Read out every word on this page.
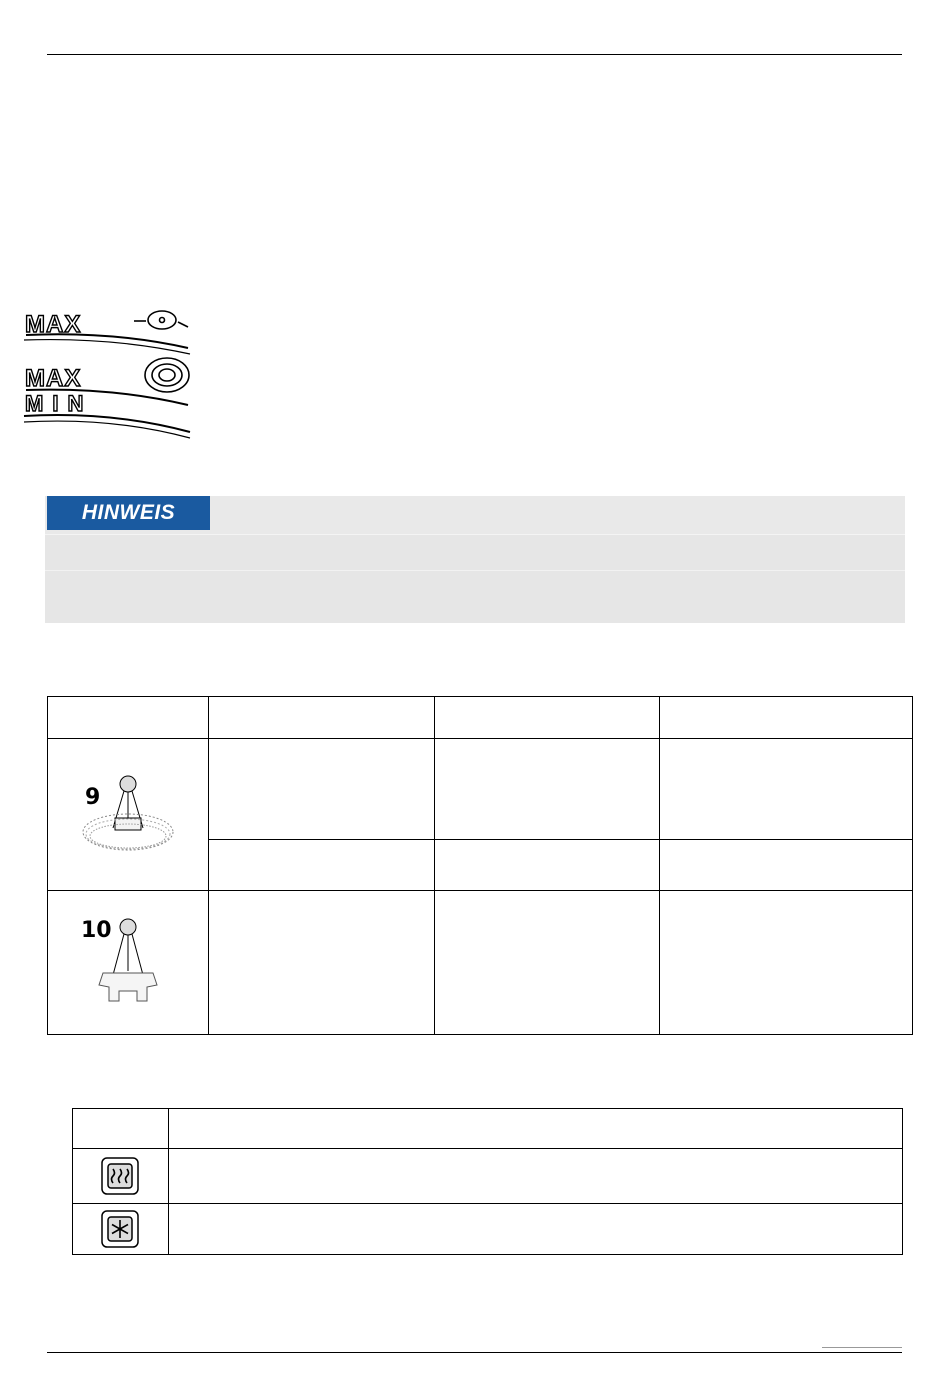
MAX
MAX
MIN
HINWEIS

9			

10			
